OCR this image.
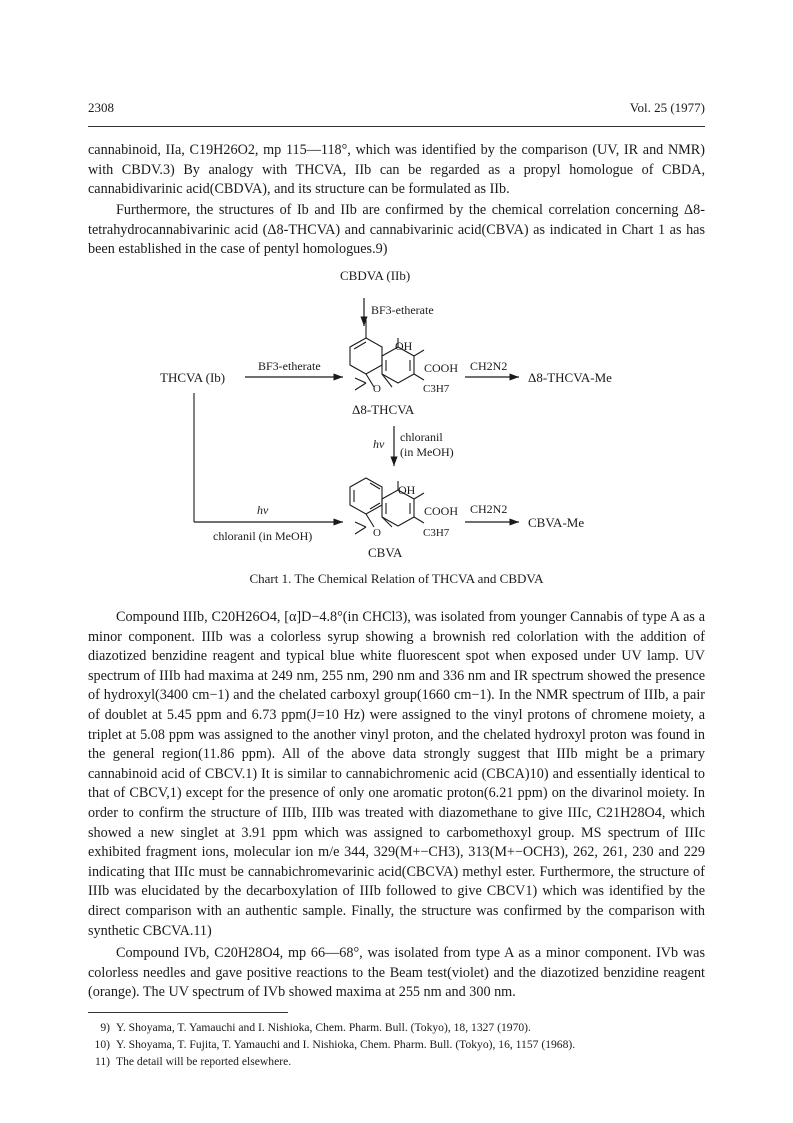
2308	Vol. 25 (1977)

cannabinoid, IIa, C19H26O2, mp 115—118°, which was identified by the comparison (UV, IR and NMR) with CBDV.3) By analogy with THCVA, IIb can be regarded as a propyl homologue of CBDA, cannabidivarinic acid(CBDVA), and its structure can be formulated as IIb.

Furthermore, the structures of Ib and IIb are confirmed by the chemical correlation concerning Δ8-tetrahydrocannabivarinic acid (Δ8-THCVA) and cannabivarinic acid(CBVA) as indicated in Chart 1 as has been established in the case of pentyl homologues.9)

CBDVA (IIb)
BF3-etherate
THCVA (Ib)
BF3-etherate
OH
COOH
C3H7
O
Δ8-THCVA
CH2N2
Δ8-THCVA-Me
hν chloranil
(in MeOH)
hν
chloranil (in MeOH)
OH
COOH
C3H7
O
CBVA
CH2N2
CBVA-Me
Chart 1. The Chemical Relation of THCVA and CBDVA

Compound IIIb, C20H26O4, [α]D−4.8°(in CHCl3), was isolated from younger Cannabis of type A as a minor component. IIIb was a colorless syrup showing a brownish red colorlation with the addition of diazotized benzidine reagent and typical blue white fluorescent spot when exposed under UV lamp. UV spectrum of IIIb had maxima at 249 nm, 255 nm, 290 nm and 336 nm and IR spectrum showed the presence of hydroxyl(3400 cm−1) and the chelated carboxyl group(1660 cm−1). In the NMR spectrum of IIIb, a pair of doublet at 5.45 ppm and 6.73 ppm(J=10 Hz) were assigned to the vinyl protons of chromene moiety, a triplet at 5.08 ppm was assigned to the another vinyl proton, and the chelated hydroxyl proton was found in the general region(11.86 ppm). All of the above data strongly suggest that IIIb might be a primary cannabinoid acid of CBCV.1) It is similar to cannabichromenic acid (CBCA)10) and essentially identical to that of CBCV,1) except for the presence of only one aromatic proton(6.21 ppm) on the divarinol moiety. In order to confirm the structure of IIIb, IIIb was treated with diazomethane to give IIIc, C21H28O4, which showed a new singlet at 3.91 ppm which was assigned to carbomethoxyl group. MS spectrum of IIIc exhibited fragment ions, molecular ion m/e 344, 329(M+−CH3), 313(M+−OCH3), 262, 261, 230 and 229 indicating that IIIc must be cannabichromevarinic acid(CBCVA) methyl ester. Furthermore, the structure of IIIb was elucidated by the decarboxylation of IIIb followed to give CBCV1) which was identified by the direct comparison with an authentic sample. Finally, the structure was confirmed by the comparison with synthetic CBCVA.11)

Compound IVb, C20H28O4, mp 66—68°, was isolated from type A as a minor component. IVb was colorless needles and gave positive reactions to the Beam test(violet) and the diazotized benzidine reagent (orange). The UV spectrum of IVb showed maxima at 255 nm and 300 nm.

9) Y. Shoyama, T. Yamauchi and I. Nishioka, Chem. Pharm. Bull. (Tokyo), 18, 1327 (1970).

10) Y. Shoyama, T. Fujita, T. Yamauchi and I. Nishioka, Chem. Pharm. Bull. (Tokyo), 16, 1157 (1968).

11) The detail will be reported elsewhere.
